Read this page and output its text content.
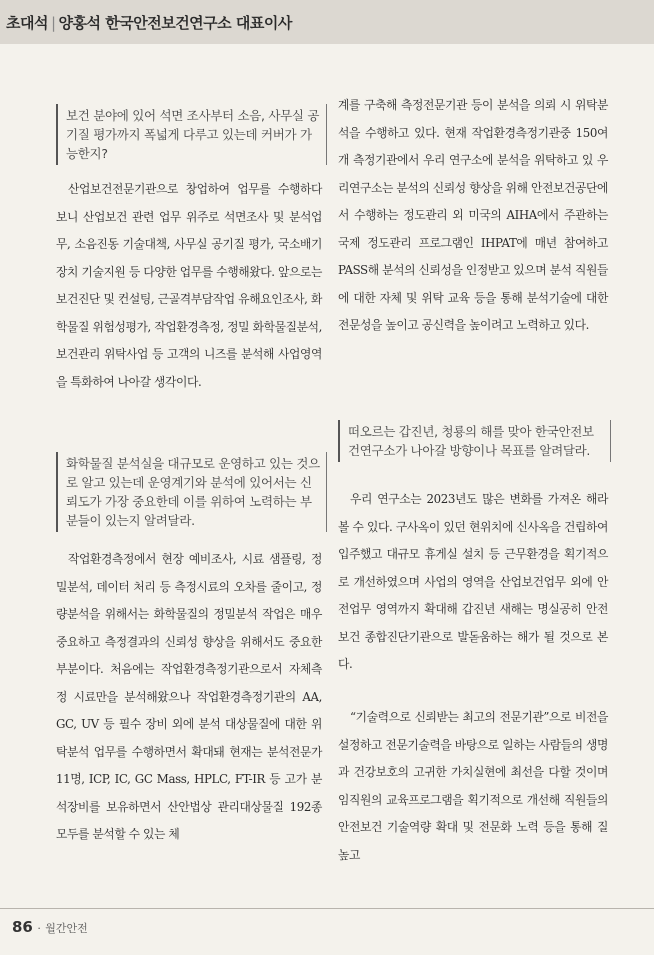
초대석 | 양홍석 한국안전보건연구소 대표이사
보건 분야에 있어 석면 조사부터 소음, 사무실 공기질 평가까지 폭넓게 다루고 있는데 커버가 가능한지?
산업보건전문기관으로 창업하여 업무를 수행하다 보니 산업보건 관련 업무 위주로 석면조사 및 분석업무, 소음진동 기술대책, 사무실 공기질 평가, 국소배기장치 기술지원 등 다양한 업무를 수행해왔다. 앞으로는 보건진단 및 컨설팅, 근골격부담작업 유해요인조사, 화학물질 위험성평가, 작업환경측정, 정밀 화학물질분석, 보건관리 위탁사업 등 고객의 니즈를 분석해 사업영역을 특화하여 나아갈 생각이다.
화학물질 분석실을 대규모로 운영하고 있는 것으로 알고 있는데 운영계기와 분석에 있어서는 신뢰도가 가장 중요한데 이를 위하여 노력하는 부분들이 있는지 알려달라.
작업환경측정에서 현장 예비조사, 시료 샘플링, 정밀분석, 데이터 처리 등 측정시료의 오차를 줄이고, 정량분석을 위해서는 화학물질의 정밀분석 작업은 매우 중요하고 측정결과의 신뢰성 향상을 위해서도 중요한 부분이다. 처음에는 작업환경측정기관으로서 자체측정 시료만을 분석해왔으나 작업환경측정기관의 AA, GC, UV 등 필수 장비 외에 분석 대상물질에 대한 위탁분석 업무를 수행하면서 확대돼 현재는 분석전문가 11명, ICP, IC, GC Mass, HPLC, FT-IR 등 고가 분석장비를 보유하면서 산안법상 관리대상물질 192종 모두를 분석할 수 있는 체
계를 구축해 측정전문기관 등이 분석을 의뢰 시 위탁분석을 수행하고 있다. 현재 작업환경측정기관중 150여개 측정기관에서 우리 연구소에 분석을 위탁하고 있 우리연구소는 분석의 신뢰성 향상을 위해 안전보건공단에서 수행하는 정도관리 외 미국의 AIHA에서 주관하는 국제 정도관리 프로그램인 IHPAT에 매년 참여하고 PASS해 분석의 신뢰성을 인정받고 있으며 분석 직원들에 대한 자체 및 위탁 교육 등을 통해 분석기술에 대한 전문성을 높이고 공신력을 높이려고 노력하고 있다.
떠오르는 갑진년, 청룡의 해를 맞아 한국안전보건연구소가 나아갈 방향이나 목표를 알려달라.
우리 연구소는 2023년도 많은 변화를 가져온 해라 볼 수 있다. 구사옥이 있던 현위치에 신사옥을 건립하여 입주했고 대규모 휴게실 설치 등 근무환경을 획기적으로 개선하였으며 사업의 영역을 산업보건업무 외에 안전업무 영역까지 확대해 갑진년 새해는 명실공히 안전보건 종합진단기관으로 발돋움하는 해가 될 것으로 본다.
“기술력으로 신뢰받는 최고의 전문기관”으로 비전을 설정하고 전문기술력을 바탕으로 일하는 사람들의 생명과 건강보호의 고귀한 가치실현에 최선을 다할 것이며 임직원의 교육프로그램을 획기적으로 개선해 직원들의 안전보건 기술역량 확대 및 전문화 노력 등을 통해 질 높고
86 · 월간안전
